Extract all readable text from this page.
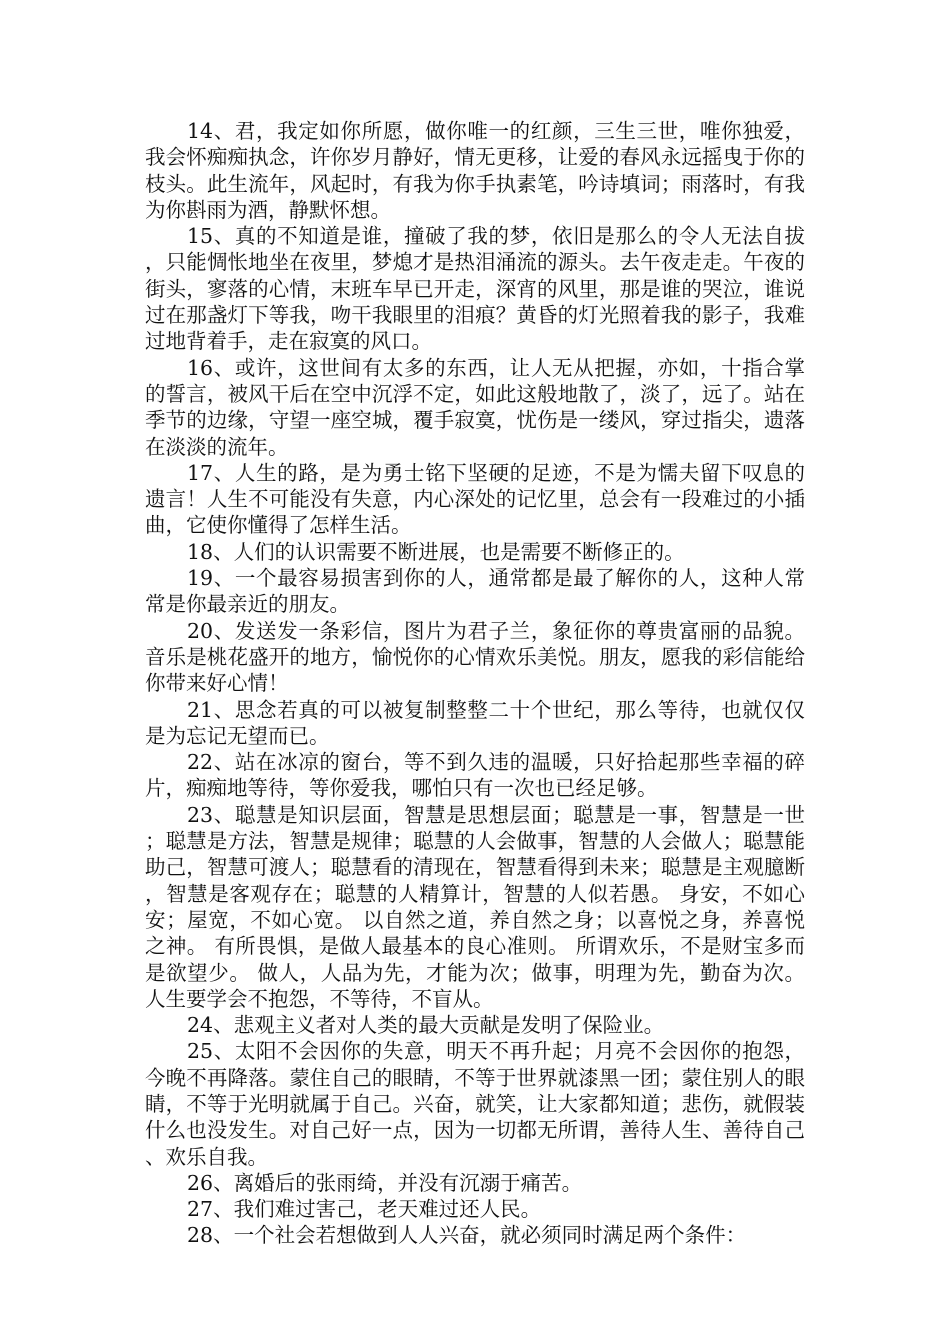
14、君，我定如你所愿，做你唯一的红颜，三生三世，唯你独爱，我会怀痴痴执念，许你岁月静好，情无更移，让爱的春风永远摇曳于你的枝头。此生流年，风起时，有我为你手执素笔，吟诗填词；雨落时，有我为你斟雨为酒，静默怀想。

15、真的不知道是谁，撞破了我的梦，依旧是那么的令人无法自拔，只能惆怅地坐在夜里，梦熄才是热泪涌流的源头。去午夜走走。午夜的街头，寥落的心情，末班车早已开走，深宵的风里，那是谁的哭泣，谁说过在那盏灯下等我，吻干我眼里的泪痕？黄昏的灯光照着我的影子，我难过地背着手，走在寂寞的风口。

16、或许，这世间有太多的东西，让人无从把握，亦如，十指合掌的誓言，被风干后在空中沉浮不定，如此这般地散了，淡了，远了。站在季节的边缘，守望一座空城，覆手寂寞，忧伤是一缕风，穿过指尖，遗落在淡淡的流年。

17、人生的路，是为勇士铭下坚硬的足迹，不是为懦夫留下叹息的遗言！人生不可能没有失意，内心深处的记忆里，总会有一段难过的小插曲，它使你懂得了怎样生活。

18、人们的认识需要不断进展，也是需要不断修正的。

19、一个最容易损害到你的人，通常都是最了解你的人，这种人常常是你最亲近的朋友。

20、发送发一条彩信，图片为君子兰，象征你的尊贵富丽的品貌。音乐是桃花盛开的地方，愉悦你的心情欢乐美悦。朋友，愿我的彩信能给你带来好心情！

21、思念若真的可以被复制整整二十个世纪，那么等待，也就仅仅是为忘记无望而已。

22、站在冰凉的窗台，等不到久违的温暖，只好拾起那些幸福的碎片，痴痴地等待，等你爱我，哪怕只有一次也已经足够。

23、聪慧是知识层面，智慧是思想层面；聪慧是一事，智慧是一世；聪慧是方法，智慧是规律；聪慧的人会做事，智慧的人会做人；聪慧能助己，智慧可渡人；聪慧看的清现在，智慧看得到未来；聪慧是主观臆断，智慧是客观存在；聪慧的人精算计，智慧的人似若愚。 身安，不如心安；屋宽，不如心宽。 以自然之道，养自然之身；以喜悦之身，养喜悦之神。 有所畏惧，是做人最基本的良心准则。 所谓欢乐，不是财宝多而是欲望少。 做人，人品为先，才能为次；做事，明理为先，勤奋为次。 人生要学会不抱怨，不等待，不盲从。

24、悲观主义者对人类的最大贡献是发明了保险业。

25、太阳不会因你的失意，明天不再升起；月亮不会因你的抱怨，今晚不再降落。蒙住自己的眼睛，不等于世界就漆黑一团；蒙住别人的眼睛，不等于光明就属于自己。兴奋，就笑，让大家都知道；悲伤，就假装什么也没发生。对自己好一点，因为一切都无所谓，善待人生、善待自己、欢乐自我。

26、离婚后的张雨绮，并没有沉溺于痛苦。

27、我们难过害己，老天难过还人民。

28、一个社会若想做到人人兴奋，就必须同时满足两个条件：
